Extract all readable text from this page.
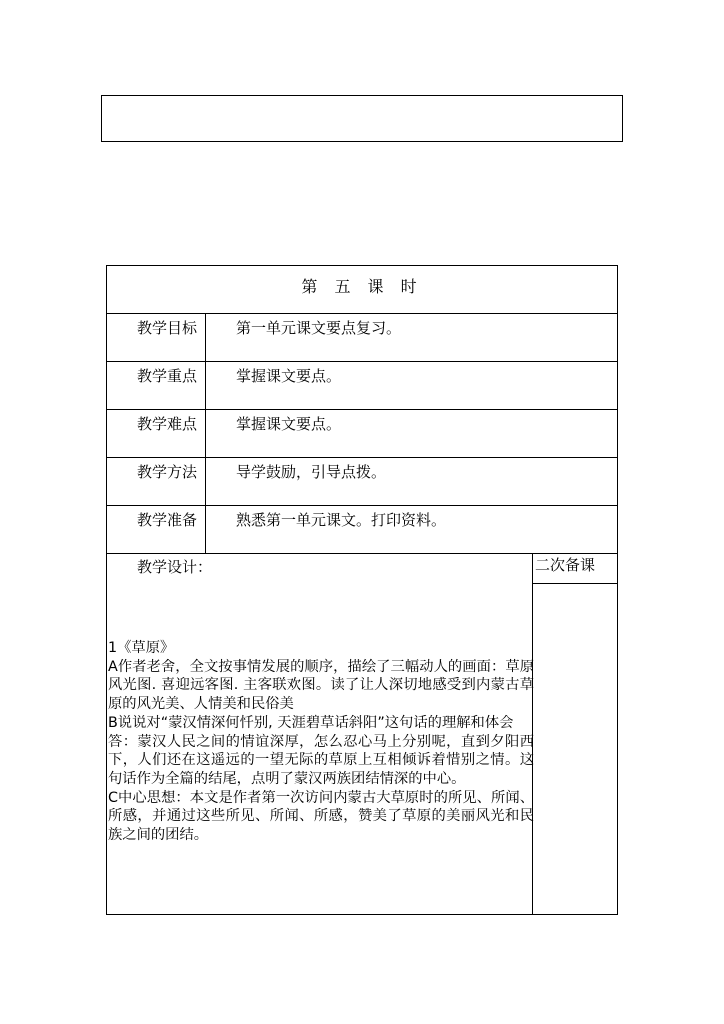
第 五 课 时
教学目标	第一单元课文要点复习。
教学重点	掌握课文要点。
教学难点	掌握课文要点。
教学方法	导学鼓励，引导点拨。
教学准备	熟悉第一单元课文。打印资料。
教学设计：

1《草原》

A作者老舍，全文按事情发展的顺序，描绘了三幅动人的画面：草原风光图. 喜迎远客图. 主客联欢图。读了让人深切地感受到内蒙古草原的风光美、人情美和民俗美

B说说对“蒙汉情深何忏别, 天涯碧草话斜阳”这句话的理解和体会

答：蒙汉人民之间的情谊深厚，怎么忍心马上分别呢，直到夕阳西下，人们还在这遥远的一望无际的草原上互相倾诉着惜别之情。这句话作为全篇的结尾，点明了蒙汉两族团结情深的中心。

C中心思想：本文是作者第一次访问内蒙古大草原时的所见、所闻、所感，并通过这些所见、所闻、所感，赞美了草原的美丽风光和民族之间的团结。

二次备课
